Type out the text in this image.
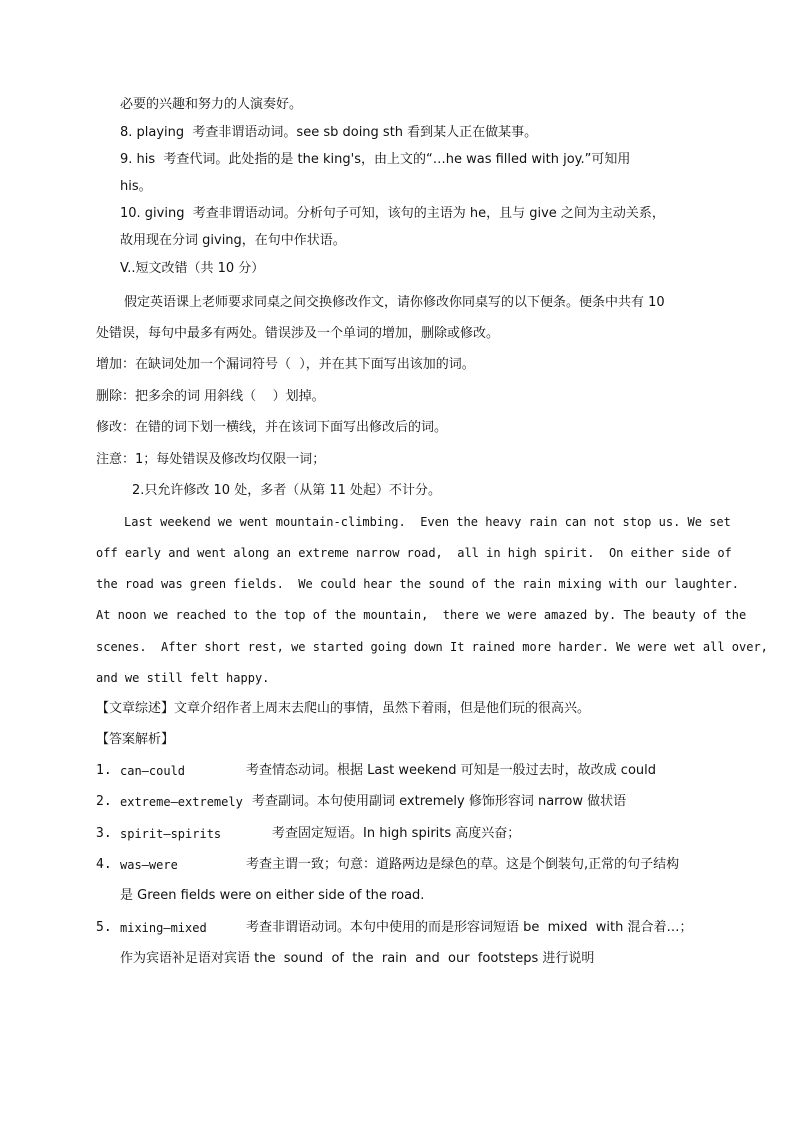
必要的兴趣和努力的人演奏好。
8. playing  考查非谓语动词。see sb doing sth 看到某人正在做某事。
9. his  考查代词。此处指的是 the king's，由上文的“…he was filled with joy.”可知用
his。
10. giving  考查非谓语动词。分析句子可知，该句的主语为 he，且与 give 之间为主动关系，
故用现在分词 giving，在句中作状语。
V..短文改错（共 10 分）
假定英语课上老师要求同桌之间交换修改作文，请你修改你同桌写的以下便条。便条中共有 10
处错误，每句中最多有两处。错误涉及一个单词的增加，删除或修改。
增加：在缺词处加一个漏词符号（  ），并在其下面写出该加的词。
删除：把多余的词 用斜线（    ）划掉。
修改：在错的词下划一横线，并在该词下面写出修改后的词。
注意：1；每处错误及修改均仅限一词；
2.只允许修改 10 处，多者（从第 11 处起）不计分。
Last weekend we went mountain-climbing.  Even the heavy rain can not stop us. We set
off early and went along an extreme narrow road,  all in high spirit.  On either side of
the road was green fields.  We could hear the sound of the rain mixing with our laughter.
At noon we reached to the top of the mountain,  there we were amazed by. The beauty of the
scenes.  After short rest, we started going down It rained more harder. We were wet all over,
and we still felt happy.
【文章综述】文章介绍作者上周末去爬山的事情，虽然下着雨，但是他们玩的很高兴。
【答案解析】
1. can—could	考查情态动词。根据 Last weekend 可知是一般过去时，故改成 could
2. extreme—extremely 考查副词。本句使用副词 extremely 修饰形容词 narrow 做状语
3. spirit—spirits	考查固定短语。In high spirits 高度兴奋；
4. was—were	考查主谓一致；句意：道路两边是绿色的草。这是个倒装句,正常的句子结构
是 Green fields were on either side of the road.
5. mixing—mixed	考查非谓语动词。本句中使用的而是形容词短语 be  mixed  with 混合着…；
作为宾语补足语对宾语 the  sound  of  the  rain  and  our  footsteps 进行说明
